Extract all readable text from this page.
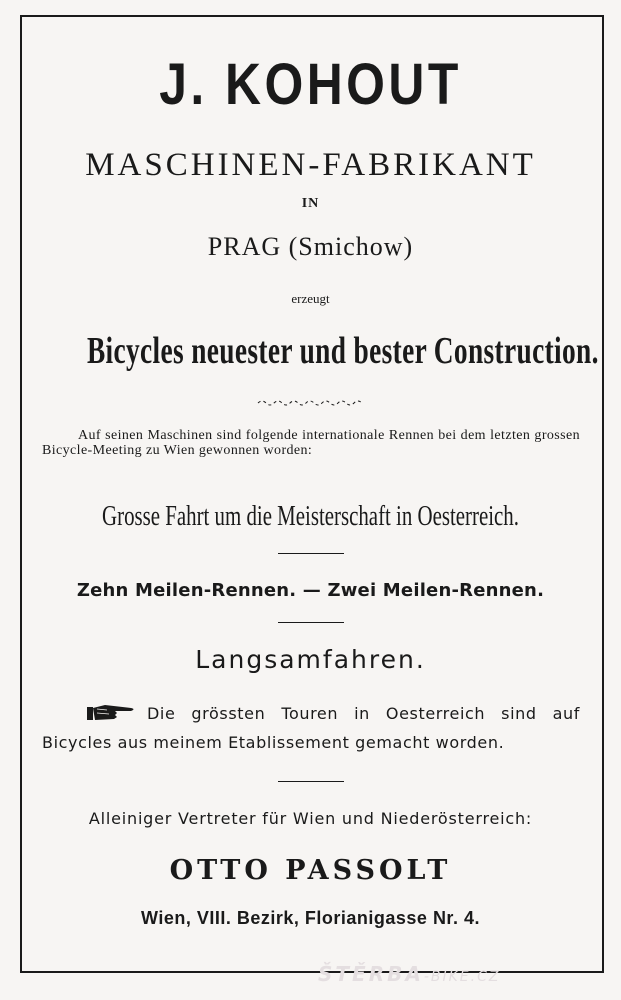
J. KOHOUT
MASCHINEN-FABRIKANT
IN
PRAG (Smichow)
erzeugt
Bicycles neuester und bester Construction.
Auf seinen Maschinen sind folgende internationale Rennen bei dem letzten grossen Bicycle-Meeting zu Wien gewonnen worden:
Grosse Fahrt um die Meisterschaft in Oesterreich.
Zehn Meilen-Rennen. — Zwei Meilen-Rennen.
Langsamfahren.
Die grössten Touren in Oesterreich sind auf Bicycles aus meinem Etablissement gemacht worden.
Alleiniger Vertreter für Wien und Niederösterreich:
OTTO PASSOLT
Wien, VIII. Bezirk, Florianigasse Nr. 4.
ŠTĚRBA-BIKE.CZ
